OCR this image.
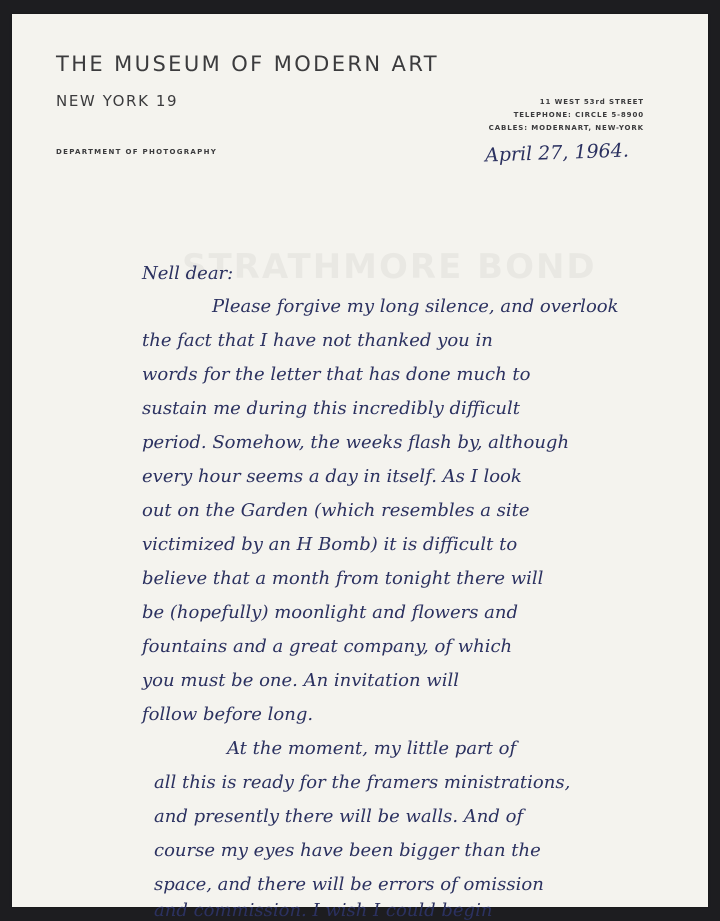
THE MUSEUM OF MODERN ART
NEW YORK 19
DEPARTMENT OF PHOTOGRAPHY
11 WEST 53rd STREET
TELEPHONE: CIRCLE 5-8900
CABLES: MODERNART, NEW-YORK
April 27, 1964.
Nell dear:
Please forgive my long silence, and overlook
the fact that I have not thanked you in
words for the letter that has done much to
sustain me during this incredibly difficult
period. Somehow, the weeks flash by, although
every hour seems a day in itself. As I look
out on the Garden (which resembles a site
victimized by an H Bomb) it is difficult to
believe that a month from tonight there will
be (hopefully) moonlight and flowers and
fountains and a great company, of which
you must be one. An invitation will
follow before long.
At the moment, my little part of
all this is ready for the framers ministrations,
and presently there will be walls. And of
course my eyes have been bigger than the
space, and there will be errors of omission
and commission. I wish I could begin
